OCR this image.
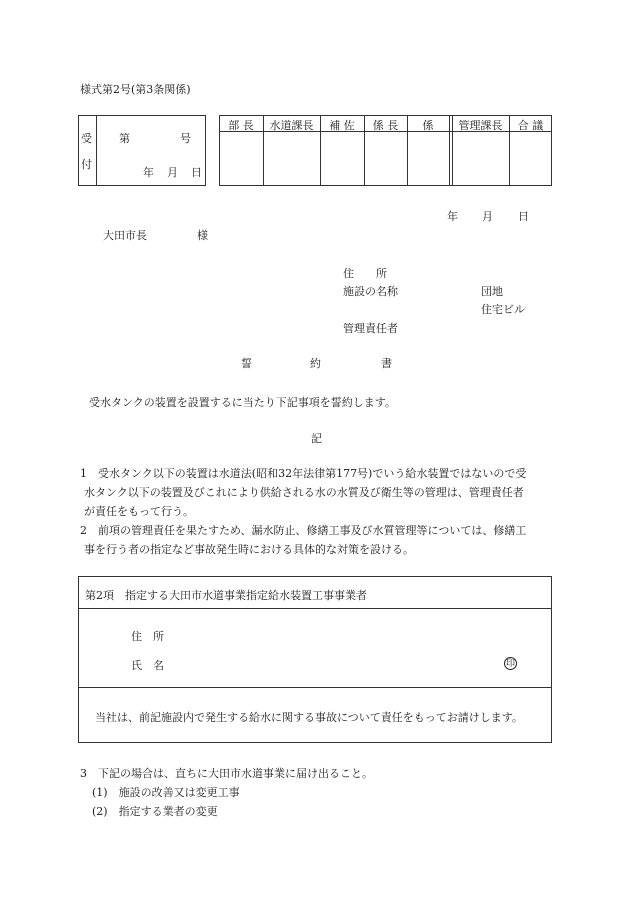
様式第2号(第3条関係)
受
付
第	号
年 月 日
部 長	水道課長	補 佐	係 長	係	管理課長	合 議
年 月 日
大田市長	様
住　　所
施設の名称	団地
住宅ビル
管理責任者
誓	約	書
受水タンクの装置を設置するに当たり下記事項を誓約します。
記
1　受水タンク以下の装置は水道法(昭和32年法律第177号)でいう給水装置ではないので受
水タンク以下の装置及びこれにより供給される水の水質及び衛生等の管理は、管理責任者
が責任をもって行う。
2　前項の管理責任を果たすため、漏水防止、修繕工事及び水質管理等については、修繕工
事を行う者の指定など事故発生時における具体的な対策を設ける。
第2項　指定する大田市水道事業指定給水装置工事事業者
住　所
氏　名	印
当社は、前記施設内で発生する給水に関する事故について責任をもってお請けします。
3　下記の場合は、直ちに大田市水道事業に届け出ること。
(1)　施設の改善又は変更工事
(2)　指定する業者の変更
